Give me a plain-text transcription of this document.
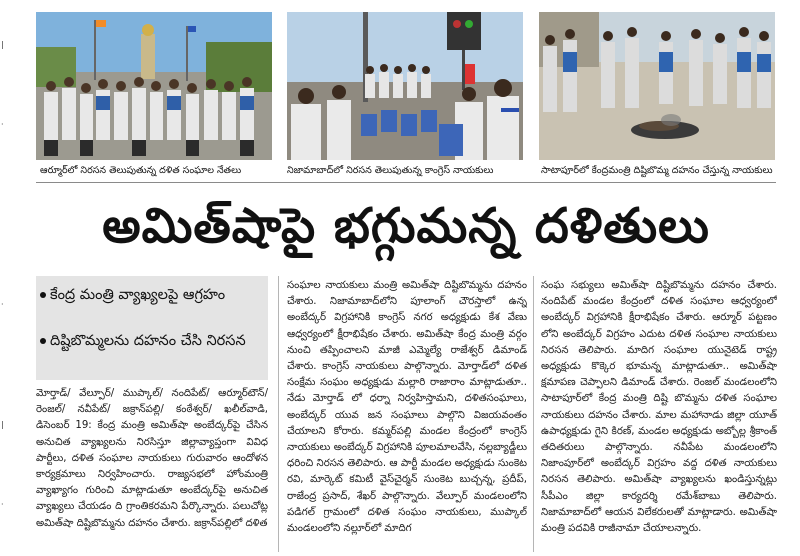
|
·
·
|
·
ఆర్మూర్‌లో నిరసన తెలుపుతున్న దళిత సంఘాల నేతలు	నిజామాబాద్‌లో నిరసన తెలుపుతున్న కాంగ్రెస్ నాయకులు	సాటాపూర్‌లో కేంద్రమంత్రి దిష్టిబొమ్మ దహనం చేస్తున్న నాయకులు
అమిత్‌షాపై భగ్గుమన్న దళితులు
కేంద్ర మంత్రి వ్యాఖ్యలపై ఆగ్రహం
దిష్టిబొమ్మలను దహనం చేసి నిరసన
మోర్తాడ్/ వేల్పూర్/ ముప్కాల్/ నందిపేట్/ ఆర్మూర్‌టౌన్/ రెంజల్/ నవీపేట్/ జక్రాన్‌పల్లి/ కంఠేశ్వర్/ ఖలీల్‌వాడి, డిసెంబర్ 19: కేంద్ర మంత్రి అమిత్‌షా అంబేద్కర్‌పై చేసిన అనుచిత వ్యాఖ్యలను నిరసిస్తూ జిల్లావ్యాప్తంగా వివిధ పార్టీలు, దళిత సంఘాల నాయకులు గురువారం ఆందోళన కార్యక్రమాలు నిర్వహించారు. రాజ్యసభలో హోంమంత్రి వ్యాఖ్యాగం గురించి మాట్లాడుతూ అంబేద్కర్‌పై అనుచిత వ్యాఖ్యలు చేయడం ది గ్రాంతికరమని పేర్కొన్నారు. పలుచోట్ల అమిత్‌షా దిష్టిబొమ్మను దహనం చేశారు. జక్రాన్‌పల్లిలో దళిత
సంఘాల నాయకులు మంత్రి అమిత్‌షా దిష్టిబొమ్మను దహనం చేశారు. నిజామాబాద్‌లోని పూలాంగ్ చౌరస్తాలో ఉన్న అంబేద్కర్ విగ్రహానికి కాంగ్రెస్ నగర అధ్యక్షుడు కేశ వేణు ఆధ్వర్యంలో క్షీరాభిషేకం చేశారు. అమిత్‌షా కేంద్ర మంత్రి వర్గం నుంచి తప్పించాలని మాజీ ఎమ్మెల్యే రాజేశ్వర్ డిమాండ్ చేశారు. కాంగ్రెస్ నాయకులు పాల్గొన్నారు. మోర్తాడ్‌లో దళిత సంక్షేమ సంఘం అధ్యక్షుడు మల్లారి రాజారాం మాట్లాడుతూ.. నేడు మోర్తాడ్ లో ధర్నా నిర్వహిస్తామని, దళితసంఘాలు, అంబేద్కర్ యువ జన సంఘాలు పాల్గొని విజయవంతం చేయాలని కోరారు. కమ్మర్‌పల్లి మండల కేంద్రంలో కాంగ్రెస్ నాయకులు అంబేద్కర్ విగ్రహానికి పూలమాలవేసి, నల్లబ్యాడ్జీలు ధరించి నిరసన తెలిపారు. ఆ పార్టీ మండల అధ్యక్షుడు సుంకెట రవి, మార్కెట్ కమిటీ వైస్‌చైర్మన్ సుంకెట బుచ్చన్న, ప్రదీప్, రాజేంద్ర ప్రసాద్, శేఖర్ పాల్గొన్నారు. వేల్పూర్ మండలంలోని పడిగల్ గ్రామంలో దళిత సంఘం నాయకులు, ముప్కాల్ మండలంలోని నల్లూర్‌లో మాదిగ
సంఘ సభ్యులు అమిత్‌షా దిష్టిబొమ్మను దహనం చేశారు. నందిపేట్ మండల కేంద్రంలో దళిత సంఘాల ఆధ్వర్యంలో అంబేద్కర్ విగ్రహానికి క్షీరాభిషేకం చేశారు. ఆర్మూర్ పట్టణం లోని అంబేద్కర్ విగ్రహం ఎదుట దళిత సంఘాల నాయకులు నిరసన తెలిపారు. మాదిగ సంఘాల యునైటెడ్ రాష్ట్ర అధ్యక్షుడు కొక్కెర భూమన్న మాట్లాడుతూ.. అమిత్‌షా క్షమాపణ చెప్పాలని డిమాండ్ చేశారు. రెంజల్ మండలంలోని సాటాపూర్‌లో కేంద్ర మంత్రి దిష్టి బొమ్మను దళిత సంఘాల నాయకులు దహనం చేశారు. మాల మహానాడు జిల్లా యూత్ ఉపాధ్యక్షుడు గైని కిరణ్, మండల అధ్యక్షుడు అబ్బోల్ల శ్రీకాంత్ తదితరులు పాల్గొన్నారు. నవీపేట మండలంలోని నిజాంపూర్‌లో అంబేద్కర్ విగ్రహం వద్ద దళిత నాయకులు నిరసన తెలిపారు. అమిత్‌షా వ్యాఖ్యలను ఖండిస్తున్నట్లు సీపీఎం జిల్లా కార్యదర్శి రమేశ్‌బాబు తెలిపారు. నిజామాబాద్‌లో ఆయన విలేకరులతో మాట్లాడారు. అమిత్‌షా మంత్రి పదవికి రాజీనామా చేయాలన్నారు.
